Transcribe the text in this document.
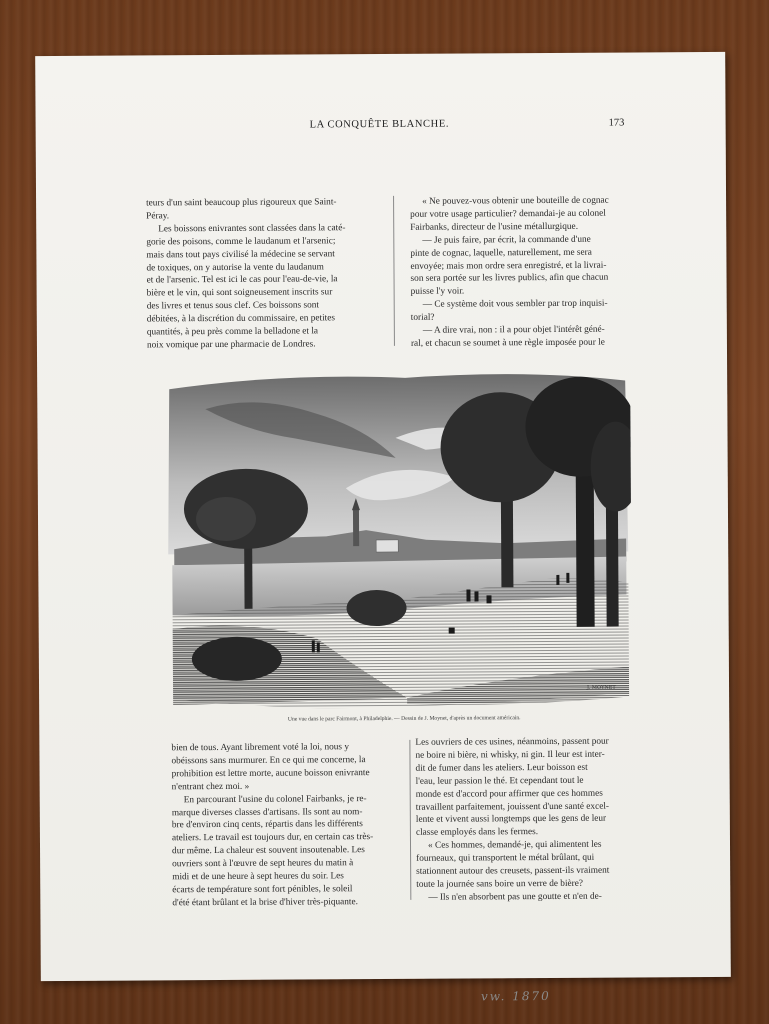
LA CONQUÊTE BLANCHE.	173

teurs d'un saint beaucoup plus rigoureux que Saint-

Péray.

Les boissons enivrantes sont classées dans la caté-

gorie des poisons, comme le laudanum et l'arsenic;

mais dans tout pays civilisé la médecine se servant

de toxiques, on y autorise la vente du laudanum

et de l'arsenic. Tel est ici le cas pour l'eau-de-vie, la

bière et le vin, qui sont soigneusement inscrits sur

des livres et tenus sous clef. Ces boissons sont

débitées, à la discrétion du commissaire, en petites

quantités, à peu près comme la belladone et la

noix vomique par une pharmacie de Londres.

« Ne pouvez-vous obtenir une bouteille de cognac

pour votre usage particulier? demandai-je au colonel

Fairbanks, directeur de l'usine métallurgique.

— Je puis faire, par écrit, la commande d'une

pinte de cognac, laquelle, naturellement, me sera

envoyée; mais mon ordre sera enregistré, et la livrai-

son sera portée sur les livres publics, afin que chacun

puisse l'y voir.

— Ce système doit vous sembler par trop inquisi-

torial?

— A dire vrai, non : il a pour objet l'intérêt géné-

ral, et chacun se soumet à une règle imposée pour le

J. MOYNET
Une vue dans le parc Fairmont, à Philadelphie. — Dessin de J. Moynet, d'après un document américain.

bien de tous. Ayant librement voté la loi, nous y

obéissons sans murmurer. En ce qui me concerne, la

prohibition est lettre morte, aucune boisson enivrante

n'entrant chez moi. »

En parcourant l'usine du colonel Fairbanks, je re-

marque diverses classes d'artisans. Ils sont au nom-

bre d'environ cinq cents, répartis dans les différents

ateliers. Le travail est toujours dur, en certain cas très-

dur même. La chaleur est souvent insoutenable. Les

ouvriers sont à l'œuvre de sept heures du matin à

midi et de une heure à sept heures du soir. Les

écarts de température sont fort pénibles, le soleil

d'été étant brûlant et la brise d'hiver très-piquante.

Les ouvriers de ces usines, néanmoins, passent pour

ne boire ni bière, ni whisky, ni gin. Il leur est inter-

dit de fumer dans les ateliers. Leur boisson est

l'eau, leur passion le thé. Et cependant tout le

monde est d'accord pour affirmer que ces hommes

travaillent parfaitement, jouissent d'une santé excel-

lente et vivent aussi longtemps que les gens de leur

classe employés dans les fermes.

« Ces hommes, demandé-je, qui alimentent les

fourneaux, qui transportent le métal brûlant, qui

stationnent autour des creusets, passent-ils vraiment

toute la journée sans boire un verre de bière?

— Ils n'en absorbent pas une goutte et n'en de-

vw. 1870
